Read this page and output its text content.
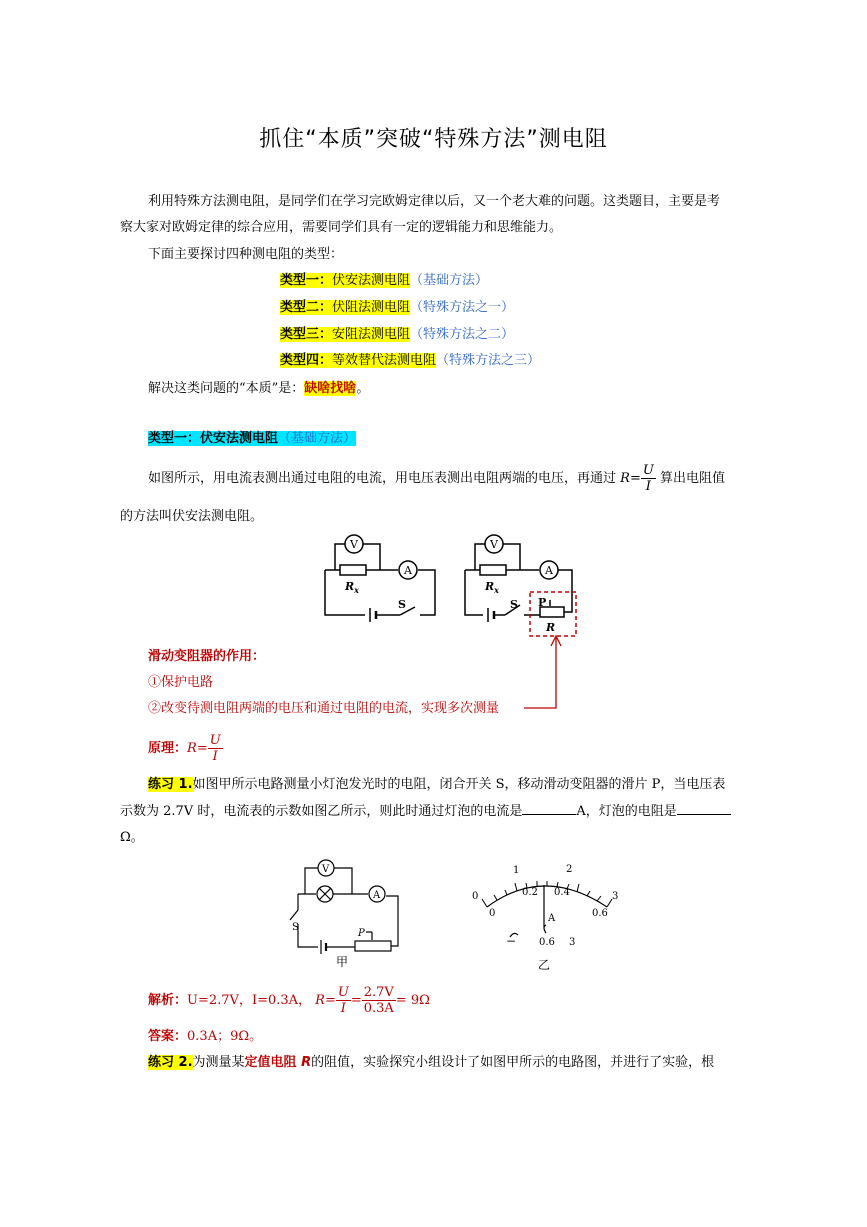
抓住“本质”突破“特殊方法”测电阻
利用特殊方法测电阻，是同学们在学习完欧姆定律以后，又一个老大难的问题。这类题目，主要是考
察大家对欧姆定律的综合应用，需要同学们具有一定的逻辑能力和思维能力。
下面主要探讨四种测电阻的类型：
类型一：伏安法测电阻（基础方法）
类型二：伏阻法测电阻（特殊方法之一）
类型三：安阻法测电阻（特殊方法之二）
类型四：等效替代法测电阻（特殊方法之三）
解决这类问题的“本质”是：缺啥找啥。
类型一：伏安法测电阻（基础方法）
如图所示，用电流表测出通过电阻的电流，用电压表测出电阻两端的电压，再通过 $R= \frac{U}{I}$ 算出电阻值
的方法叫伏安法测电阻。
V
A
$R_x$
S
V
A
$R_x$
S P
R
滑动变阻器的作用：
①保护电路
②改变待测电阻两端的电压和通过电阻的电流，实现多次测量
原理：$R= \frac{U}{I}$
练习 1.如图甲所示电路测量小灯泡发光时的电阻，闭合开关 S，移动滑动变阻器的滑片 P，当电压表
示数为 2.7V 时，电流表的示数如图乙所示，则此时通过灯泡的电流是	A，灯泡的电阻是
Ω。
V
A
S
P
甲
0
1	2
3
0
0.2 0.4
0.6
A
− 0.6 3
乙
解析：U=2.7V，I=0.3A， $R= \frac{U}{I} = \frac{2.7V}{0.3A} = 9\Omega$
答案：0.3A；9Ω。
练习 2.为测量某定值电阻 R的阻值，实验探究小组设计了如图甲所示的电路图，并进行了实验，根
